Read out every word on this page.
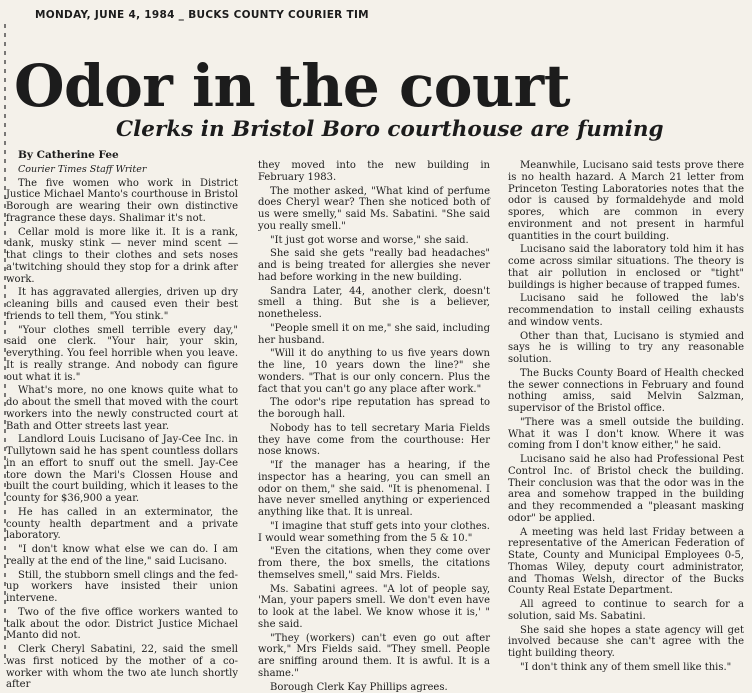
MONDAY, JUNE 4, 1984 _ BUCKS COUNTY COURIER TIM
Odor in the court
Clerks in Bristol Boro courthouse are fuming

By Catherine Fee

Courier Times Staff Writer

The five women who work in District Justice Michael Manto's courthouse in Bristol Borough are wearing their own distinctive fragrance these days. Shalimar it's not.

Cellar mold is more like it. It is a rank, dank, musky stink — never mind scent — that clings to their clothes and sets noses a'twitching should they stop for a drink after work.

It has aggravated allergies, driven up dry cleaning bills and caused even their best friends to tell them, "You stink."

"Your clothes smell terrible every day," said one clerk. "Your hair, your skin, everything. You feel horrible when you leave. It is really strange. And nobody can figure out what it is."

What's more, no one knows quite what to do about the smell that moved with the court workers into the newly constructed court at Bath and Otter streets last year.

Landlord Louis Lucisano of Jay-Cee Inc. in Tullytown said he has spent countless dollars in an effort to snuff out the smell. Jay-Cee tore down the Mari's Clossen House and built the court building, which it leases to the county for $36,900 a year.

He has called in an exterminator, the county health department and a private laboratory.

"I don't know what else we can do. I am really at the end of the line," said Lucisano.

Still, the stubborn smell clings and the fed-up workers have insisted their union intervene.

Two of the five office workers wanted to talk about the odor. District Justice Michael Manto did not.

Clerk Cheryl Sabatini, 22, said the smell was first noticed by the mother of a co-worker with whom the two ate lunch shortly after

they moved into the new building in February 1983.

The mother asked, "What kind of perfume does Cheryl wear? Then she noticed both of us were smelly," said Ms. Sabatini. "She said you really smell."

"It just got worse and worse," she said.

She said she gets "really bad headaches" and is being treated for allergies she never had before working in the new building.

Sandra Later, 44, another clerk, doesn't smell a thing. But she is a believer, nonetheless.

"People smell it on me," she said, including her husband.

"Will it do anything to us five years down the line, 10 years down the line?" she wonders. "That is our only concern. Plus the fact that you can't go any place after work."

The odor's ripe reputation has spread to the borough hall.

Nobody has to tell secretary Maria Fields they have come from the courthouse: Her nose knows.

"If the manager has a hearing, if the inspector has a hearing, you can smell an odor on them," she said. "It is phenomenal. I have never smelled anything or experienced anything like that. It is unreal.

"I imagine that stuff gets into your clothes. I would wear something from the 5 & 10."

"Even the citations, when they come over from there, the box smells, the citations themselves smell," said Mrs. Fields.

Ms. Sabatini agrees. "A lot of people say, 'Man, your papers smell. We don't even have to look at the label. We know whose it is,' " she said.

"They (workers) can't even go out after work," Mrs Fields said. "They smell. People are sniffing around them. It is awful. It is a shame."

Borough Clerk Kay Phillips agrees.

Meanwhile, Lucisano said tests prove there is no health hazard. A March 21 letter from Princeton Testing Laboratories notes that the odor is caused by formaldehyde and mold spores, which are common in every environment and not present in harmful quantities in the court building.

Lucisano said the laboratory told him it has come across similar situations. The theory is that air pollution in enclosed or "tight" buildings is higher because of trapped fumes.

Lucisano said he followed the lab's recommendation to install ceiling exhausts and window vents.

Other than that, Lucisano is stymied and says he is willing to try any reasonable solution.

The Bucks County Board of Health checked the sewer connections in February and found nothing amiss, said Melvin Salzman, supervisor of the Bristol office.

"There was a smell outside the building. What it was I don't know. Where it was coming from I don't know either," he said.

Lucisano said he also had Professional Pest Control Inc. of Bristol check the building. Their conclusion was that the odor was in the area and somehow trapped in the building and they recommended a "pleasant masking odor" be applied.

A meeting was held last Friday between a representative of the American Federation of State, County and Municipal Employees 0-5, Thomas Wiley, deputy court administrator, and Thomas Welsh, director of the Bucks County Real Estate Department.

All agreed to continue to search for a solution, said Ms. Sabatini.

She said she hopes a state agency will get involved because she can't agree with the tight building theory.

"I don't think any of them smell like this."
